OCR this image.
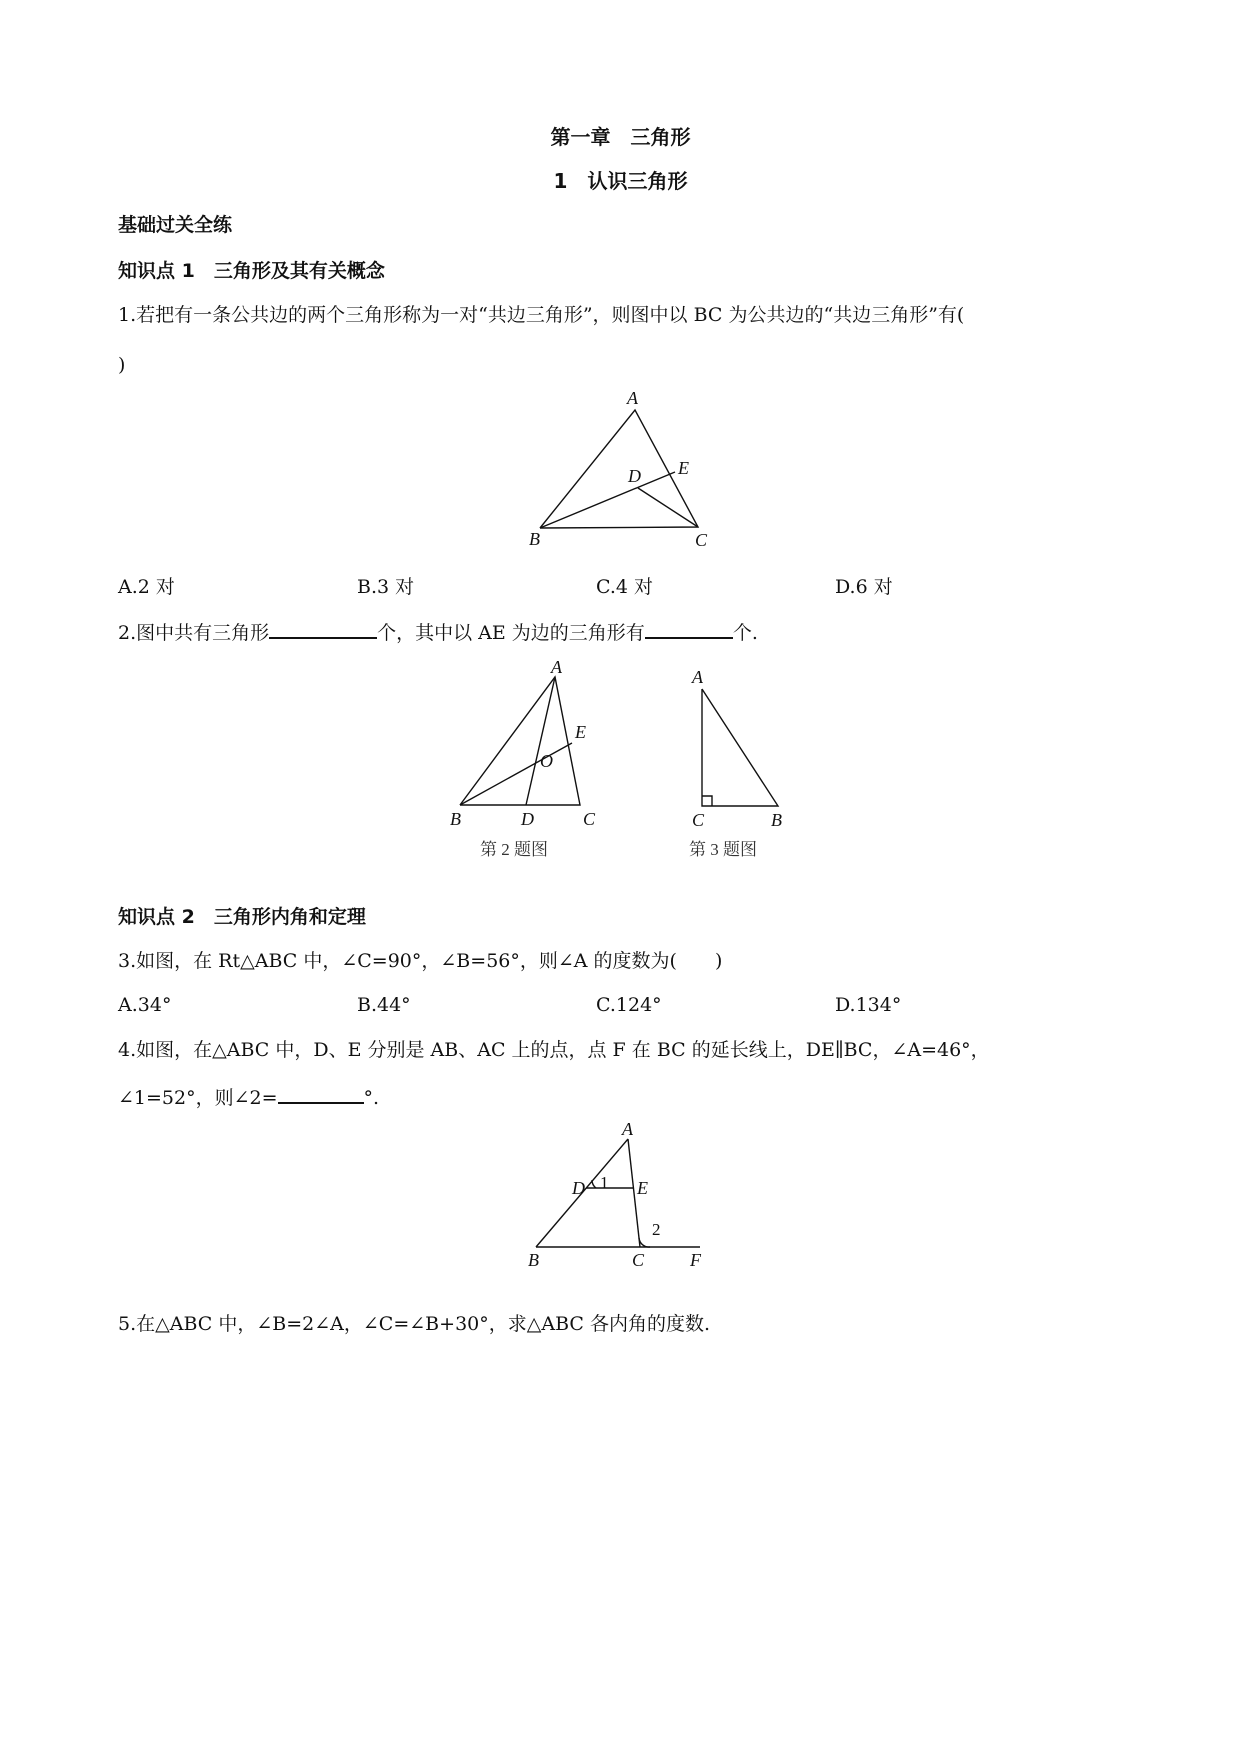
第一章　三角形
1　认识三角形
基础过关全练
知识点 1　三角形及其有关概念
1.若把有一条公共边的两个三角形称为一对“共边三角形”，则图中以 BC 为公共边的“共边三角形”有(
)
A
B	C
D E
A.2 对	B.3 对	C.4 对	D.6 对
2.图中共有三角形	个，其中以 AE 为边的三角形有	个.
A
B	D	C
E
O
第 2 题图
A
C	B
第 3 题图
知识点 2　三角形内角和定理
3.如图，在 Rt△ABC 中，∠C=90°，∠B=56°，则∠A 的度数为(　　)
A.34°	B.44°	C.124°	D.134°
4.如图，在△ABC 中，D、E 分别是 AB、AC 上的点，点 F 在 BC 的延长线上，DE∥BC，∠A=46°，
∠1=52°，则∠2=	°.
A
D	E
1
2
B	C	F
5.在△ABC 中，∠B=2∠A，∠C=∠B+30°，求△ABC 各内角的度数.
